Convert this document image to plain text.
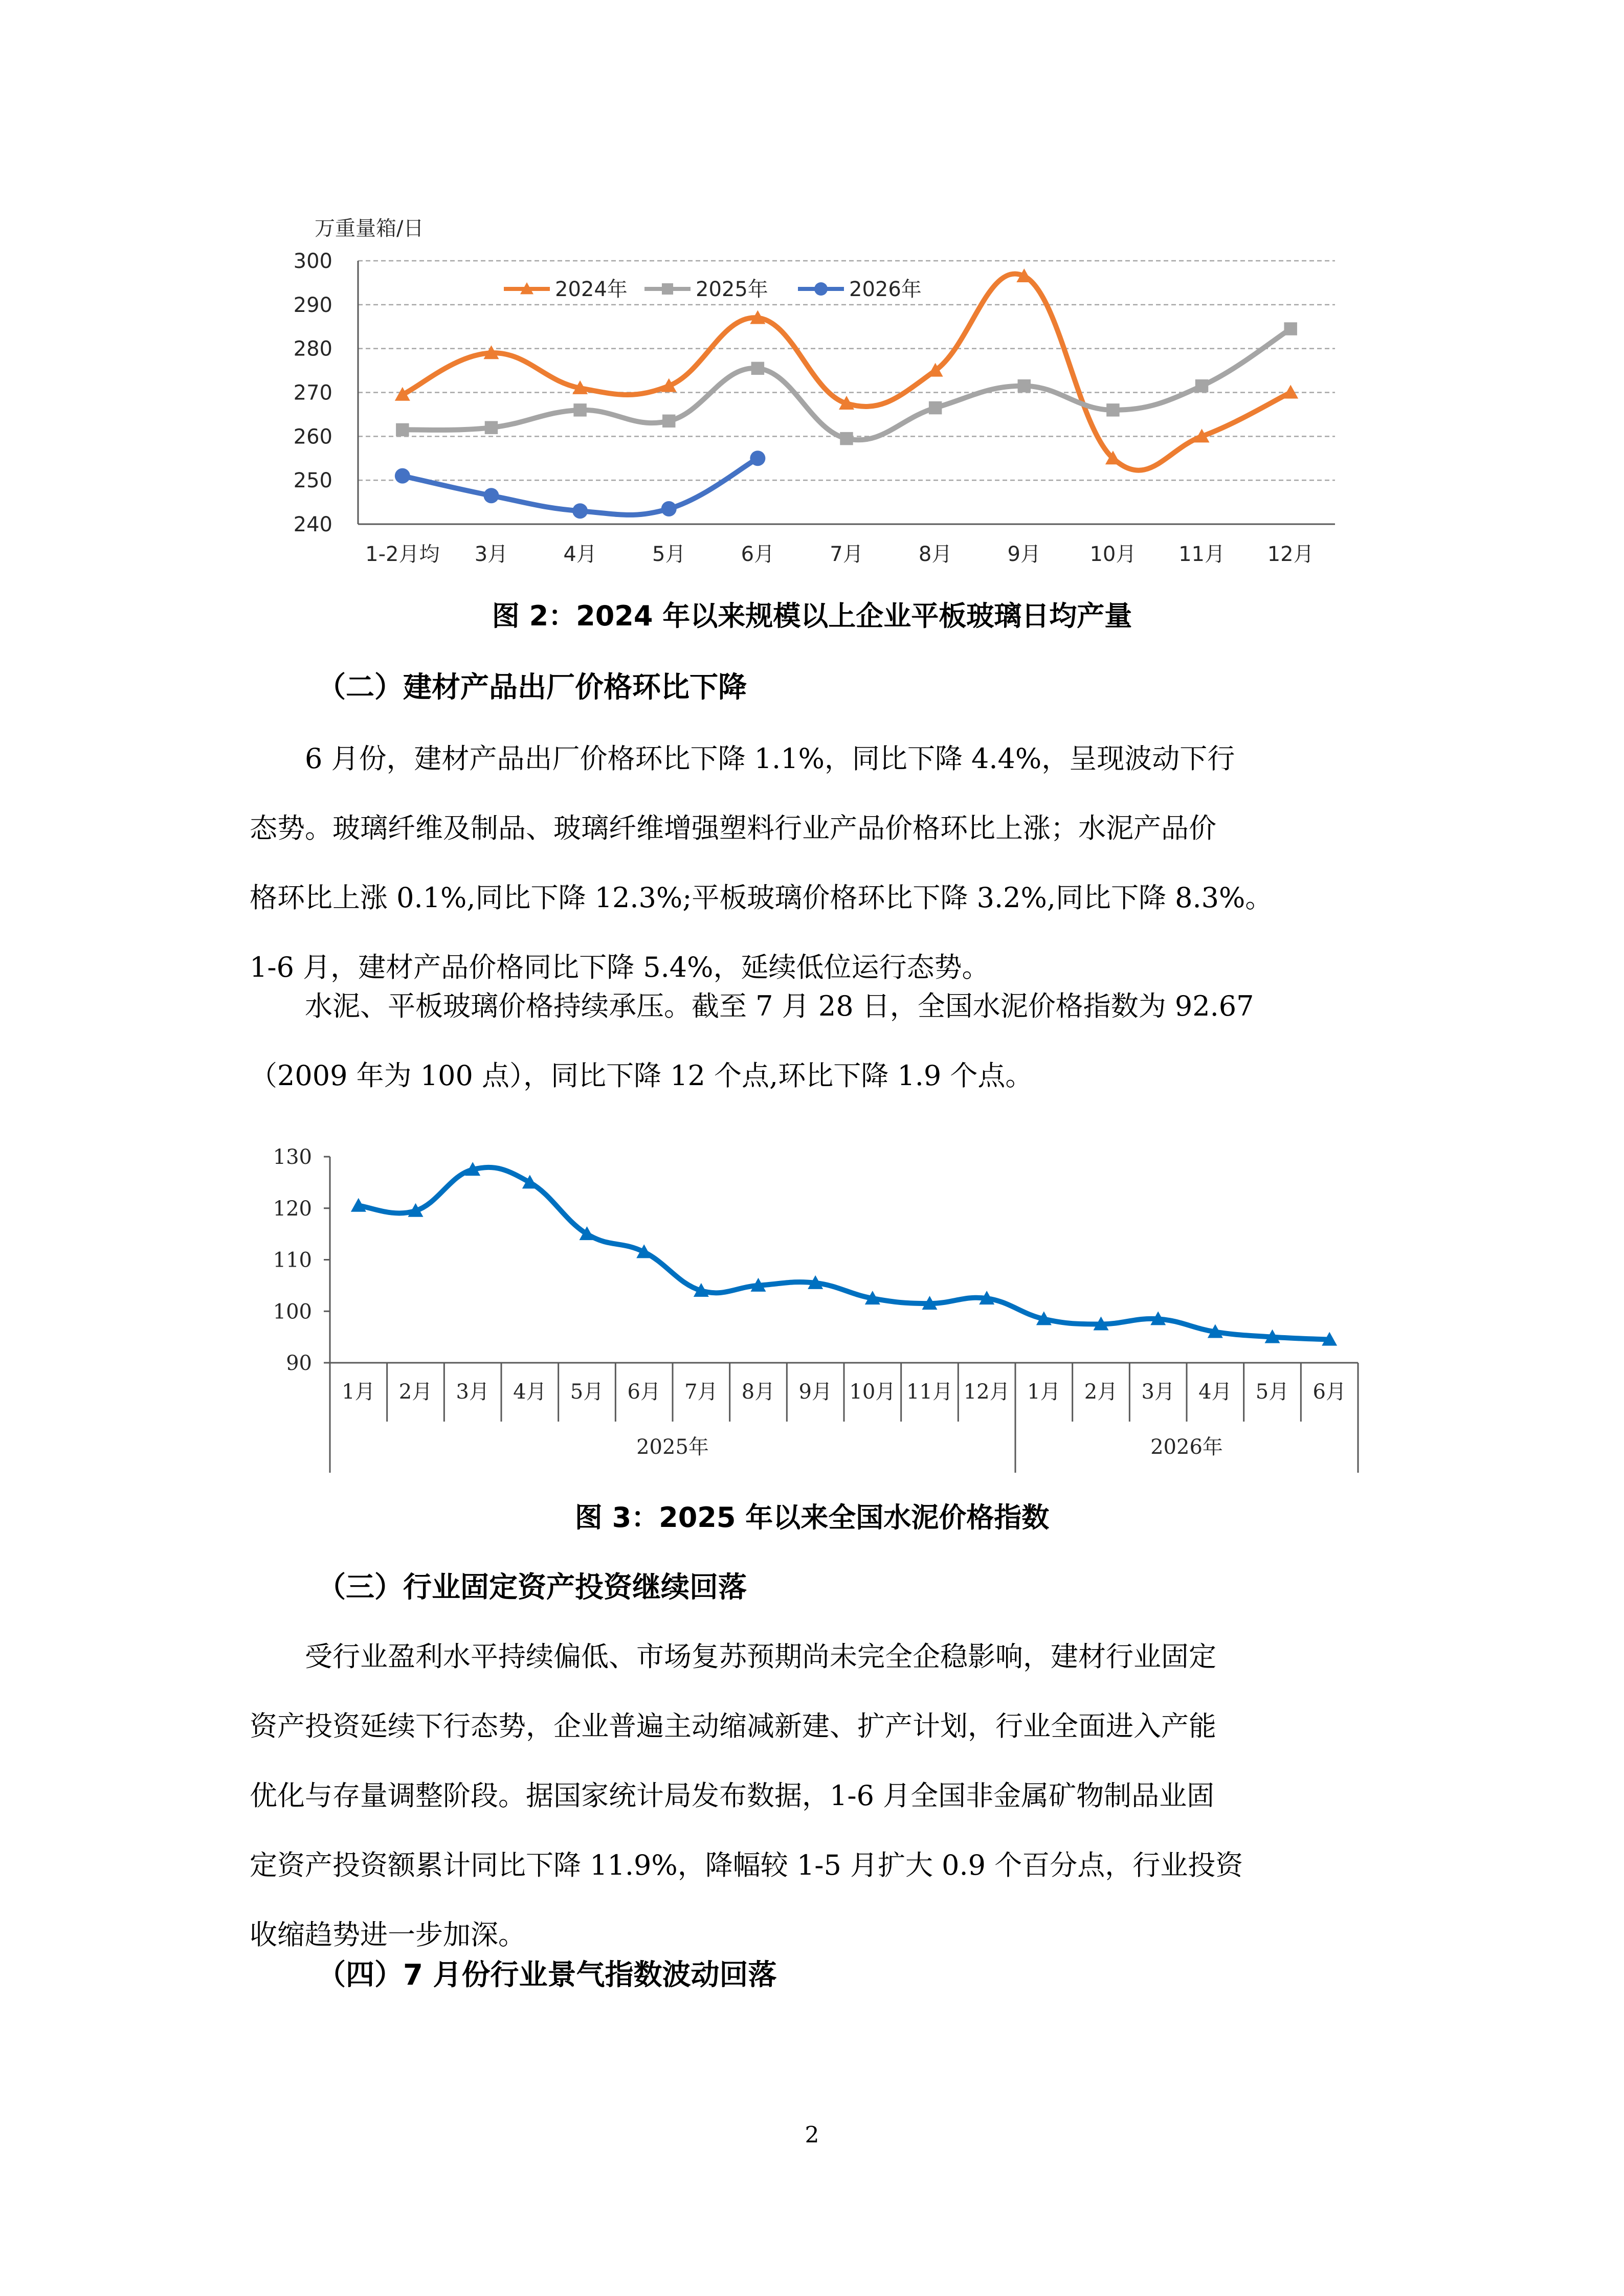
万重量箱/日
240
250
260
270
280
290
300
1-2月均 3月	4月	5月	6月	7月	8月	9月 10月 11月 12月
2024年	2025年	2026年
图 2：2024 年以来规模以上企业平板玻璃日均产量
（二）建材产品出厂价格环比下降
6 月份，建材产品出厂价格环比下降 1.1%，同比下降 4.4%，呈现波动下行
态势。玻璃纤维及制品、玻璃纤维增强塑料行业产品价格环比上涨；水泥产品价
格环比上涨 0.1%,同比下降 12.3%;平板玻璃价格环比下降 3.2%,同比下降 8.3%。
1-6 月，建材产品价格同比下降 5.4%，延续低位运行态势。
水泥、平板玻璃价格持续承压。截至 7 月 28 日，全国水泥价格指数为 92.67
（2009 年为 100 点），同比下降 12 个点,环比下降 1.9 个点。
90
100
110
120
130
1月 2月 3月 4月 5月 6月 7月 8月 9月 10月 11月 12月 1月 2月 3月 4月 5月 6月
2025年	2026年
图 3：2025 年以来全国水泥价格指数
（三）行业固定资产投资继续回落
受行业盈利水平持续偏低、市场复苏预期尚未完全企稳影响，建材行业固定
资产投资延续下行态势，企业普遍主动缩减新建、扩产计划，行业全面进入产能
优化与存量调整阶段。据国家统计局发布数据，1-6 月全国非金属矿物制品业固
定资产投资额累计同比下降 11.9%，降幅较 1-5 月扩大 0.9 个百分点，行业投资
收缩趋势进一步加深。
（四）7 月份行业景气指数波动回落
2
